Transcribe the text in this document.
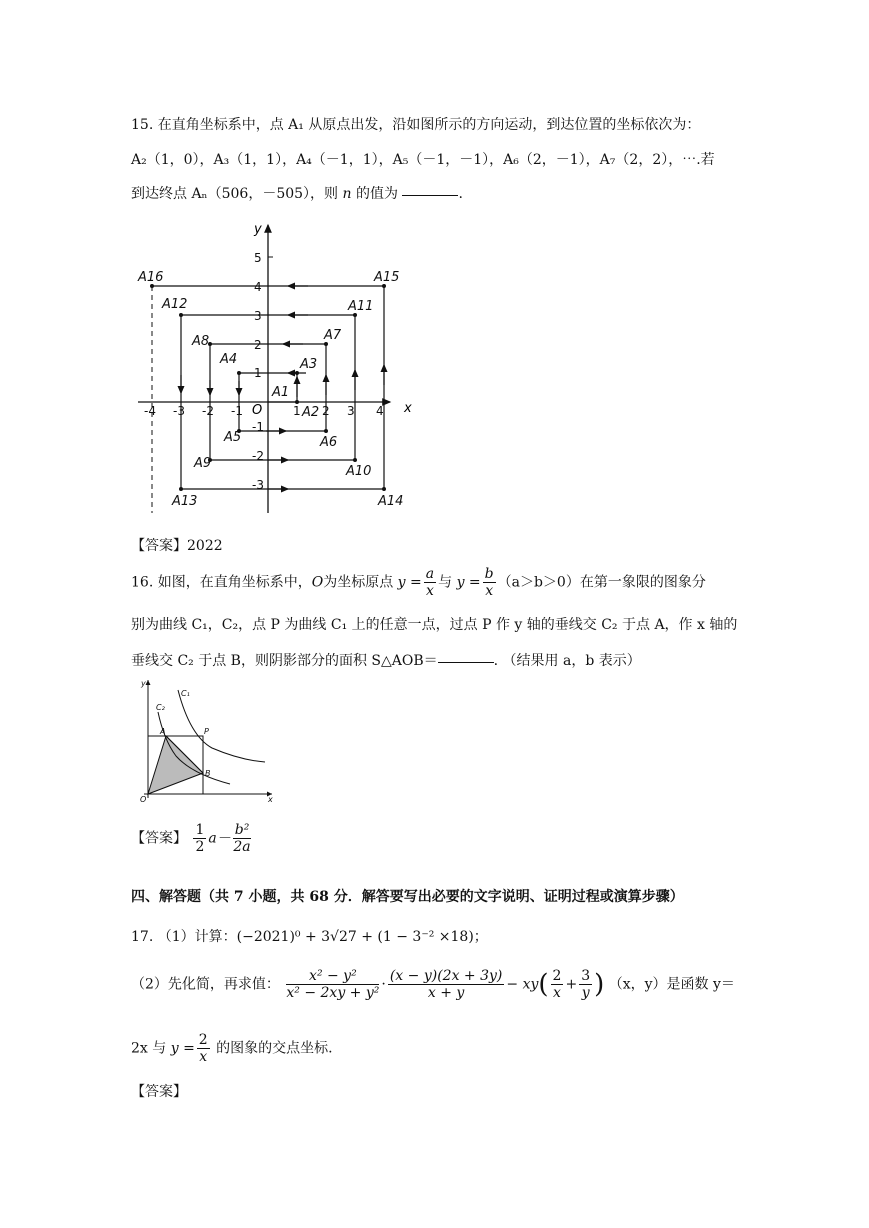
15. 在直角坐标系中，点 A₁ 从原点出发，沿如图所示的方向运动，到达位置的坐标依次为：
A₂（1，0），A₃（1，1），A₄（－1，1），A₅（－1，－1），A₆（2，－1），A₇（2，2），⋯.若
到达终点 Aₙ（506，－505），则 n 的值为	.
x
y
O
-4 -3 -2 -1	1 2 3 4
5
4
3
2
1
-1
-2
-3
A1
A2
A3
A4
A5	A6
A7
A8
A9
A10
A11
A12
A13	A14
A15
A16
【答案】2022
16. 如图，在直角坐标系中，O为坐标原点 $y = \frac{a}{x}$ 与 $y = \frac{b}{x} (a>b>0)$在第一象限的图象分
别为曲线 C₁，C₂，点 P 为曲线 C₁ 上的任意一点，过点 P 作 y 轴的垂线交 C₂ 于点 A，作 x 轴的
垂线交 C₂ 于点 B，则阴影部分的面积 S△AOB＝	. （结果用 a，b 表示）
C₁
C₂
A	P
B
O
y
x
【答案】 $\frac{1}{2} a- \frac{\text{b²}}{2a}$
四、解答题（共 7 小题，共 68 分．解答要写出必要的文字说明、证明过程或演算步骤）
17. （1）计算：(−2021)⁰ + 3√27 + (1 − 3⁻² ×18)；
（2）先化简，再求值： $\frac{\text{x² − y²}}{\text{x² − 2xy + y²}} \cdot \frac{(x - y)(2x + 3y)}{x + y} - xy( \frac{2}{x} + \frac{3}{y}$ ) （x，y）是函数 y＝
2x 与 $y = \frac{2}{x}$ 的图象的交点坐标.
【答案】
